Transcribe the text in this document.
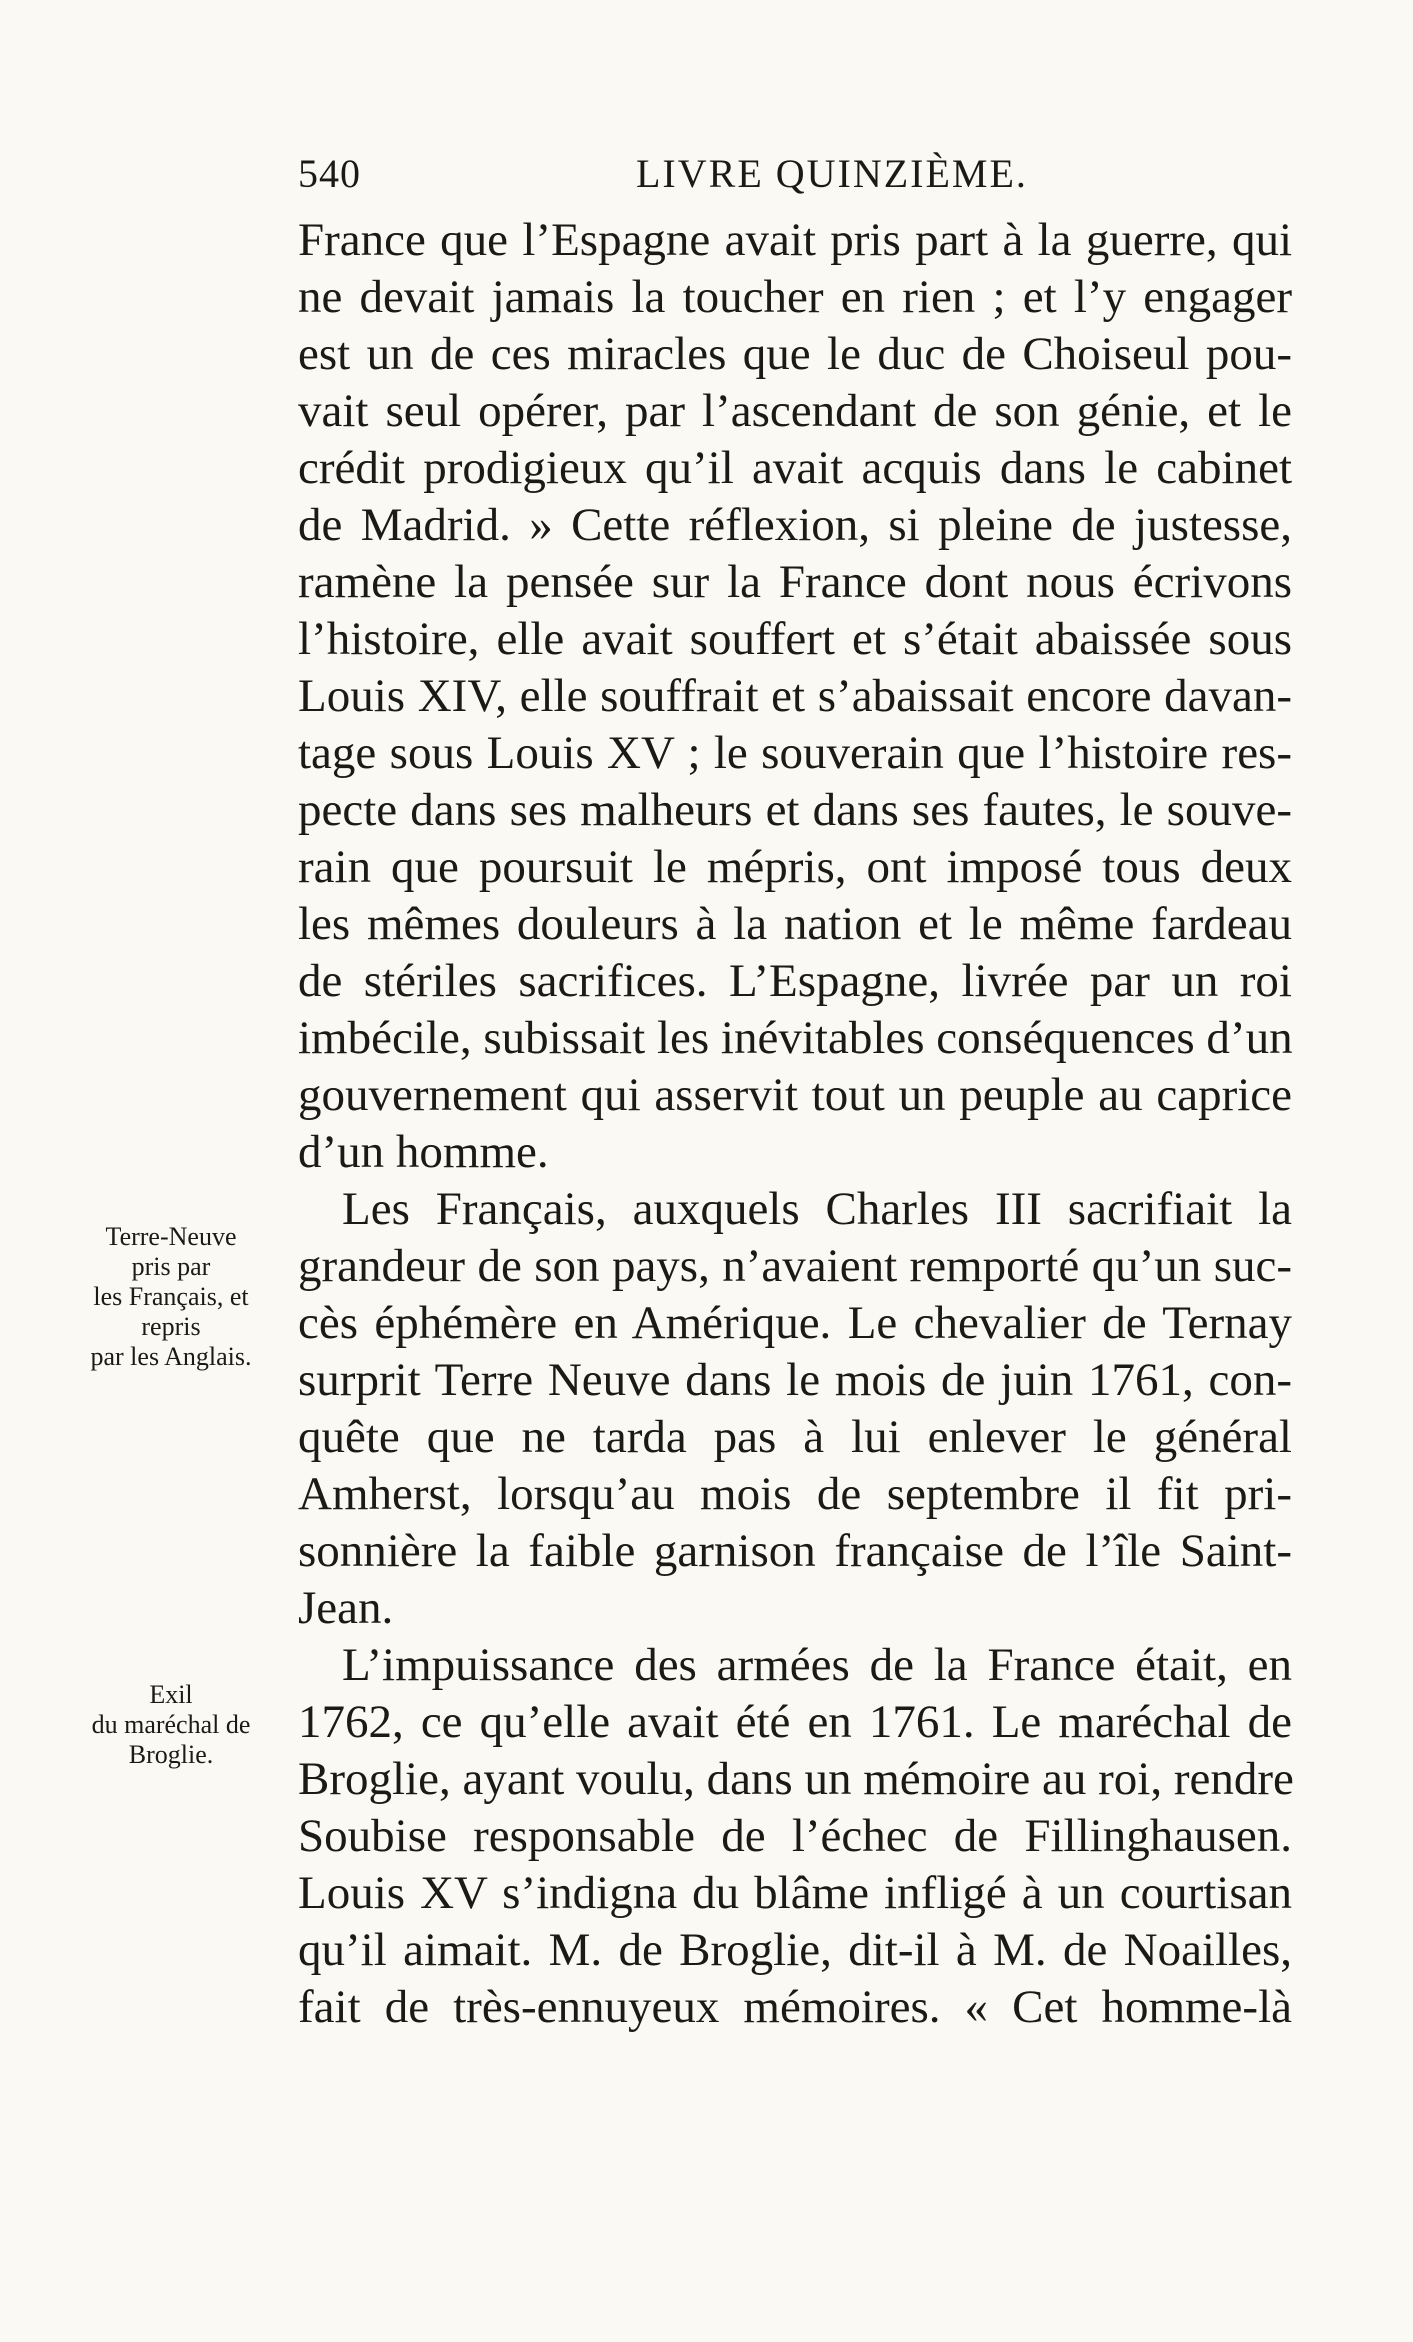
540	LIVRE QUINZIÈME.
Terre-Neuve
pris par
les Français, et
repris
par les Anglais.
Exil
du maréchal de
Broglie.
France que l’Espagne avait pris part à la guerre, qui
ne devait jamais la toucher en rien ; et l’y engager
est un de ces miracles que le duc de Choiseul pou-
vait seul opérer, par l’ascendant de son génie, et le
crédit prodigieux qu’il avait acquis dans le cabinet
de Madrid. » Cette réflexion, si pleine de justesse,
ramène la pensée sur la France dont nous écrivons
l’histoire, elle avait souffert et s’était abaissée sous
Louis XIV, elle souffrait et s’abaissait encore davan-
tage sous Louis XV ; le souverain que l’histoire res-
pecte dans ses malheurs et dans ses fautes, le souve-
rain que poursuit le mépris, ont imposé tous deux
les mêmes douleurs à la nation et le même fardeau
de stériles sacrifices. L’Espagne, livrée par un roi
imbécile, subissait les inévitables conséquences d’un
gouvernement qui asservit tout un peuple au caprice
d’un homme.
Les Français, auxquels Charles III sacrifiait la
grandeur de son pays, n’avaient remporté qu’un suc-
cès éphémère en Amérique. Le chevalier de Ternay
surprit Terre Neuve dans le mois de juin 1761, con-
quête que ne tarda pas à lui enlever le général
Amherst, lorsqu’au mois de septembre il fit pri-
sonnière la faible garnison française de l’île Saint-
Jean.
L’impuissance des armées de la France était, en
1762, ce qu’elle avait été en 1761. Le maréchal de
Broglie, ayant voulu, dans un mémoire au roi, rendre
Soubise responsable de l’échec de Fillinghausen.
Louis XV s’indigna du blâme infligé à un courtisan
qu’il aimait. M. de Broglie, dit-il à M. de Noailles,
fait de très-ennuyeux mémoires. « Cet homme-là
